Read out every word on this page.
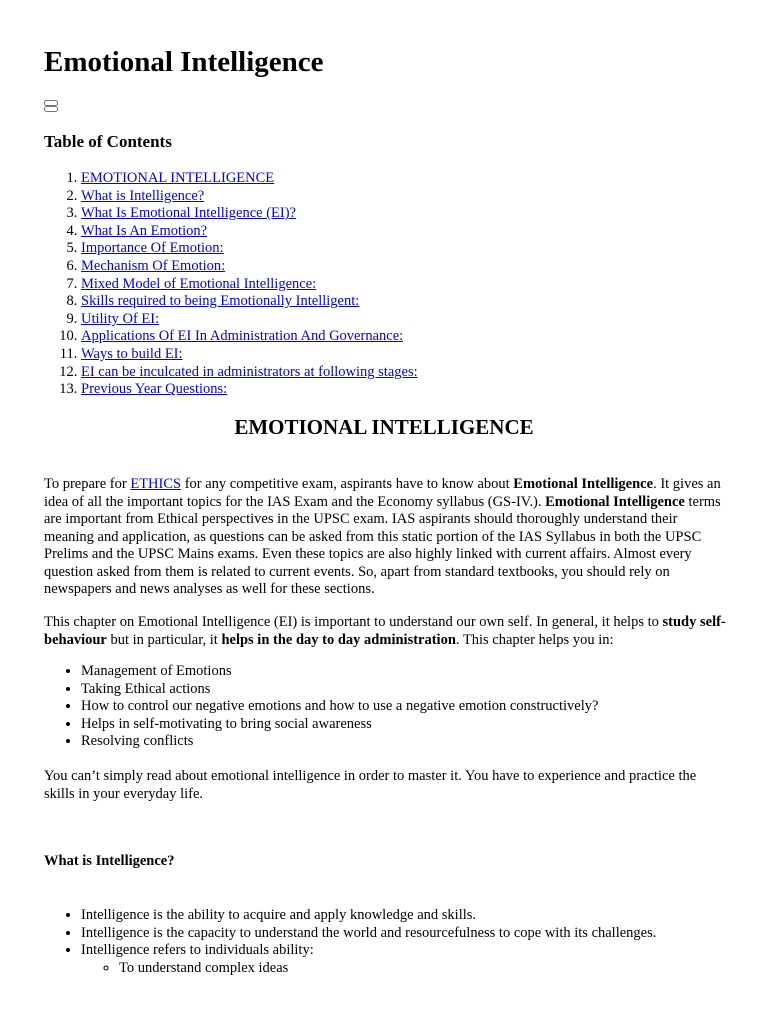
Emotional Intelligence

Table of Contents

1. EMOTIONAL INTELLIGENCE
2. What is Intelligence?
3. What Is Emotional Intelligence (EI)?
4. What Is An Emotion?
5. Importance Of Emotion:
6. Mechanism Of Emotion:
7. Mixed Model of Emotional Intelligence:
8. Skills required to being Emotionally Intelligent:
9. Utility Of EI:
10. Applications Of EI In Administration And Governance:
11. Ways to build EI:
12. EI can be inculcated in administrators at following stages:
13. Previous Year Questions:
EMOTIONAL INTELLIGENCE

To prepare for ETHICS for any competitive exam, aspirants have to know about Emotional Intelligence. It gives an idea of all the important topics for the IAS Exam and the Economy syllabus (GS-IV.). Emotional Intelligence terms are important from Ethical perspectives in the UPSC exam. IAS aspirants should thoroughly understand their meaning and application, as questions can be asked from this static portion of the IAS Syllabus in both the UPSC Prelims and the UPSC Mains exams. Even these topics are also highly linked with current affairs. Almost every question asked from them is related to current events. So, apart from standard textbooks, you should rely on newspapers and news analyses as well for these sections.

This chapter on Emotional Intelligence (EI) is important to understand our own self. In general, it helps to study self-behaviour but in particular, it helps in the day to day administration. This chapter helps you in:

• Management of Emotions
• Taking Ethical actions
• How to control our negative emotions and how to use a negative emotion constructively?
• Helps in self-motivating to bring social awareness
• Resolving conflicts

You can’t simply read about emotional intelligence in order to master it. You have to experience and practice the skills in your everyday life.

What is Intelligence?

• Intelligence is the ability to acquire and apply knowledge and skills.
• Intelligence is the capacity to understand the world and resourcefulness to cope with its challenges.
• Intelligence refers to individuals ability:
◦ To understand complex ideas
